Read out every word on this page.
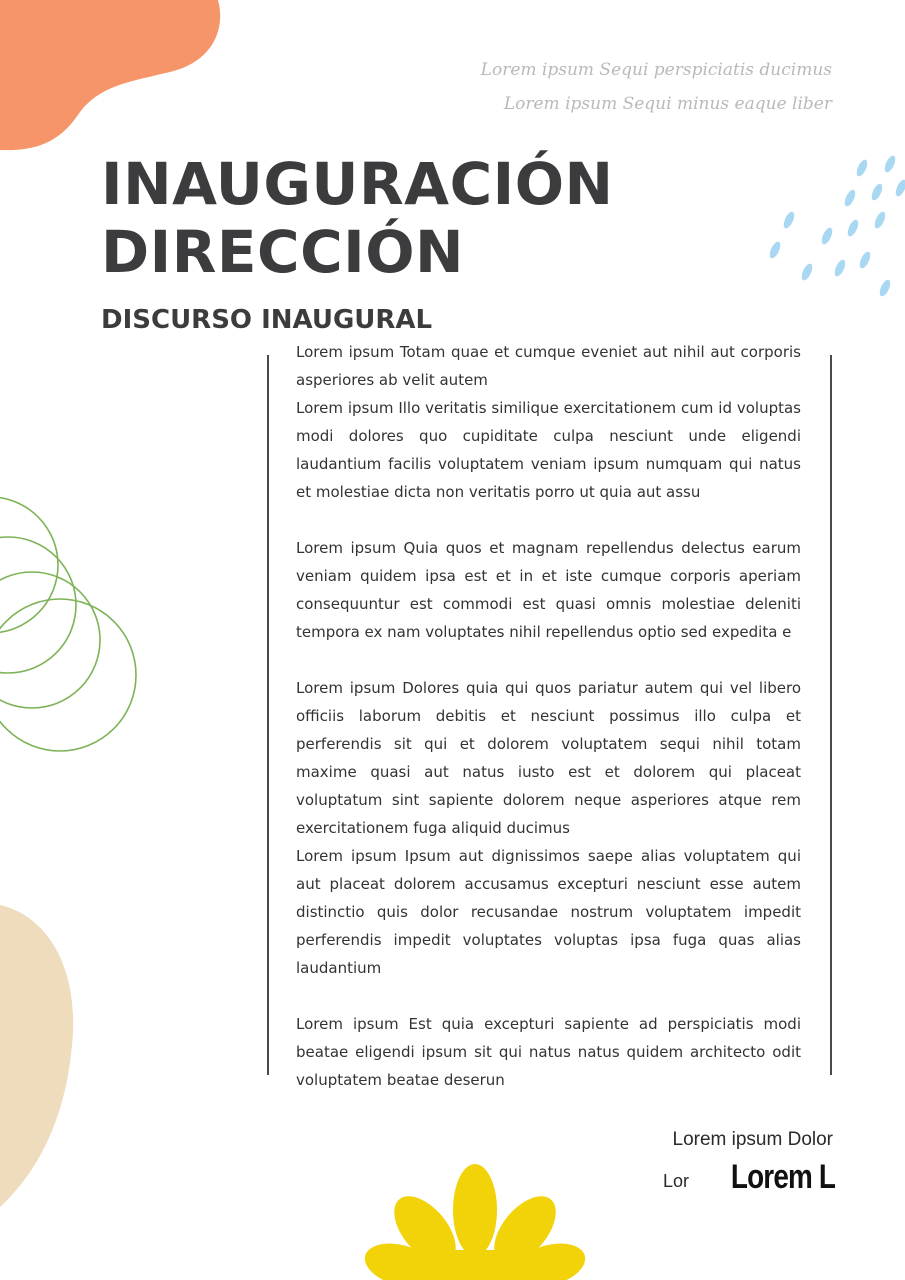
Lorem ipsum Sequi perspiciatis ducimus
Lorem ipsum Sequi minus eaque liber
INAUGURACIÓN
DIRECCIÓN
DISCURSO INAUGURAL

Lorem ipsum Totam quae et cumque eveniet aut nihil aut corporis asperiores ab velit autem

Lorem ipsum Illo veritatis similique exercitationem cum id voluptas modi dolores quo cupiditate culpa nesciunt unde eligendi laudantium facilis voluptatem veniam ipsum numquam qui natus et molestiae dicta non veritatis porro ut quia aut assu

Lorem ipsum Quia quos et magnam repellendus delectus earum veniam quidem ipsa est et in et iste cumque corporis aperiam consequuntur est commodi est quasi omnis molestiae deleniti tempora ex nam voluptates nihil repellendus optio sed expedita e

Lorem ipsum Dolores quia qui quos pariatur autem qui vel libero officiis laborum debitis et nesciunt possimus illo culpa et perferendis sit qui et dolorem voluptatem sequi nihil totam maxime quasi aut natus iusto est et dolorem qui placeat voluptatum sint sapiente dolorem neque asperiores atque rem exercitationem fuga aliquid ducimus

Lorem ipsum Ipsum aut dignissimos saepe alias voluptatem qui aut placeat dolorem accusamus excepturi nesciunt esse autem distinctio quis dolor recusandae nostrum voluptatem impedit perferendis impedit voluptates voluptas ipsa fuga quas alias laudantium

Lorem ipsum Est quia excepturi sapiente ad perspiciatis modi beatae eligendi ipsum sit qui natus natus quidem architecto odit voluptatem beatae deserun

Lorem ipsum Dolor
Lor Lorem L
